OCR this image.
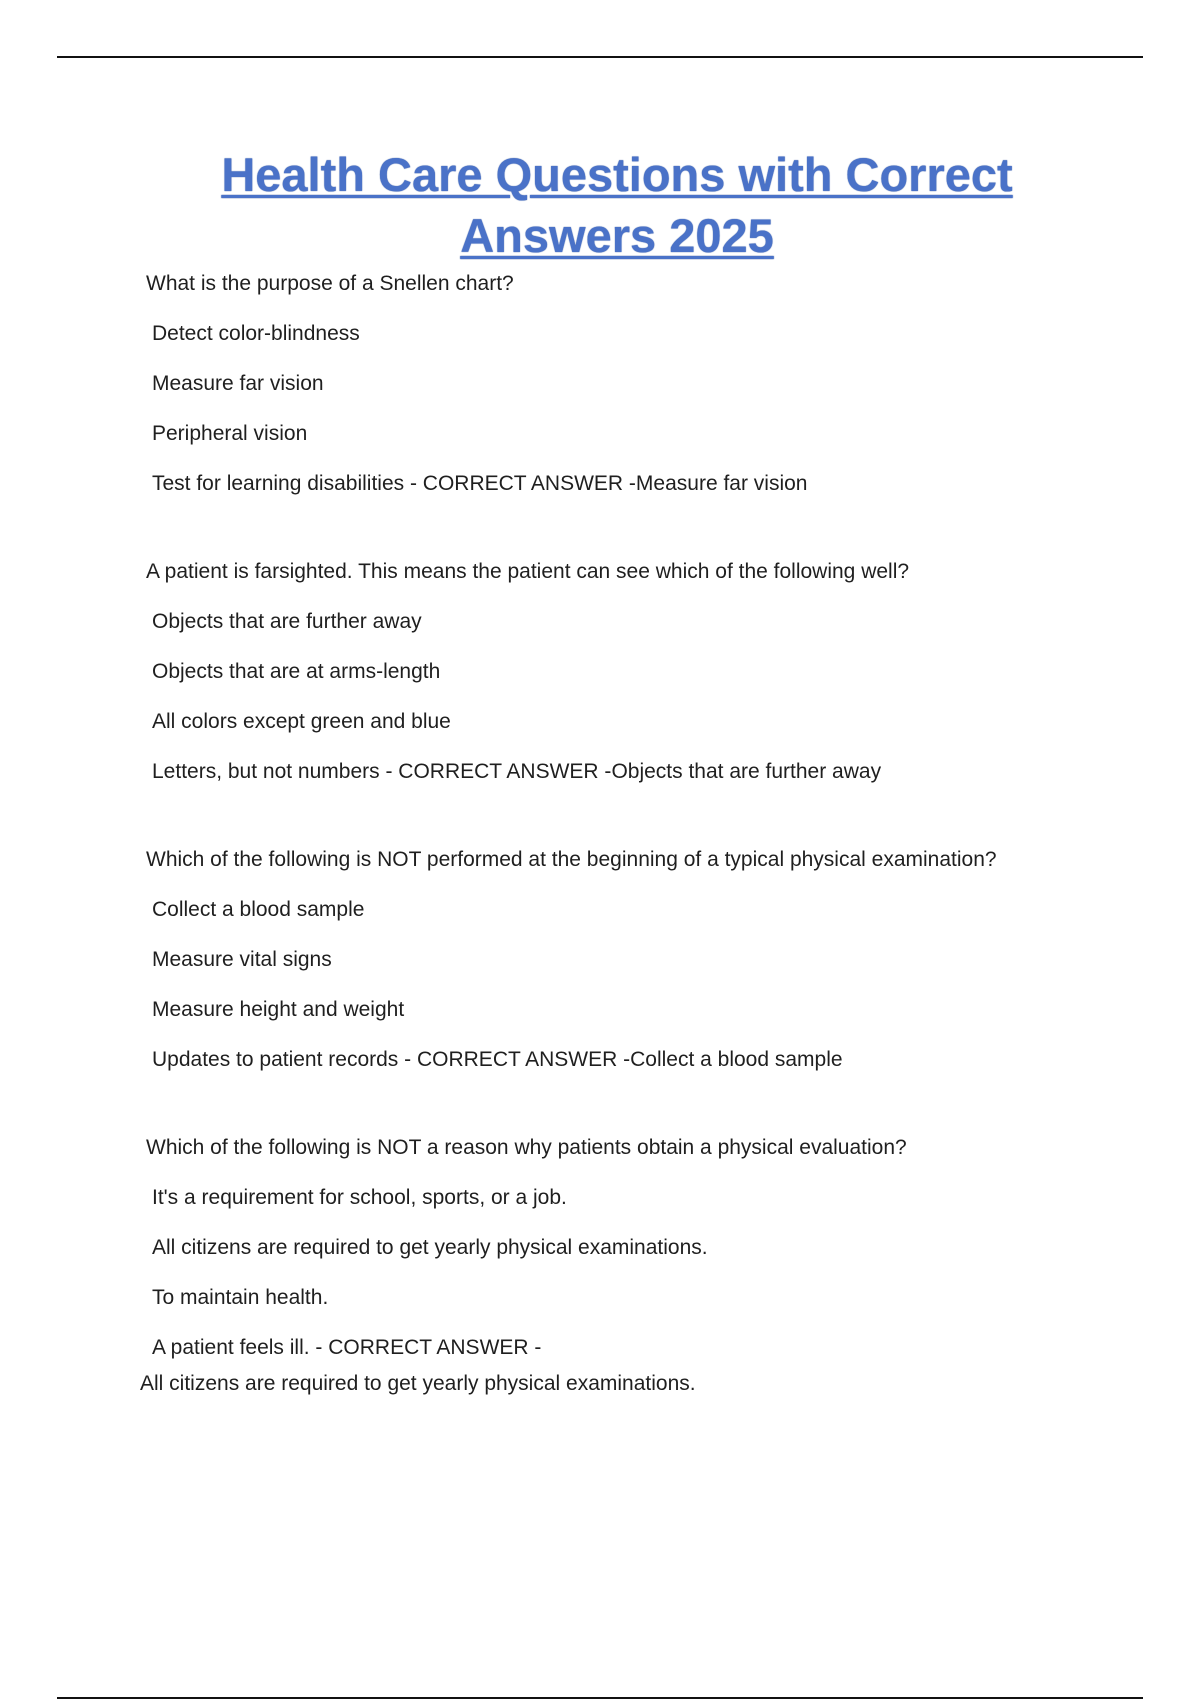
Health Care Questions with Correct
Answers 2025
What is the purpose of a Snellen chart?
Detect color-blindness
Measure far vision
Peripheral vision
Test for learning disabilities - CORRECT ANSWER -Measure far vision
A patient is farsighted. This means the patient can see which of the following well?
Objects that are further away
Objects that are at arms-length
All colors except green and blue
Letters, but not numbers - CORRECT ANSWER -Objects that are further away
Which of the following is NOT performed at the beginning of a typical physical examination?
Collect a blood sample
Measure vital signs
Measure height and weight
Updates to patient records - CORRECT ANSWER -Collect a blood sample
Which of the following is NOT a reason why patients obtain a physical evaluation?
It's a requirement for school, sports, or a job.
All citizens are required to get yearly physical examinations.
To maintain health.
A patient feels ill. - CORRECT ANSWER -
All citizens are required to get yearly physical examinations.
